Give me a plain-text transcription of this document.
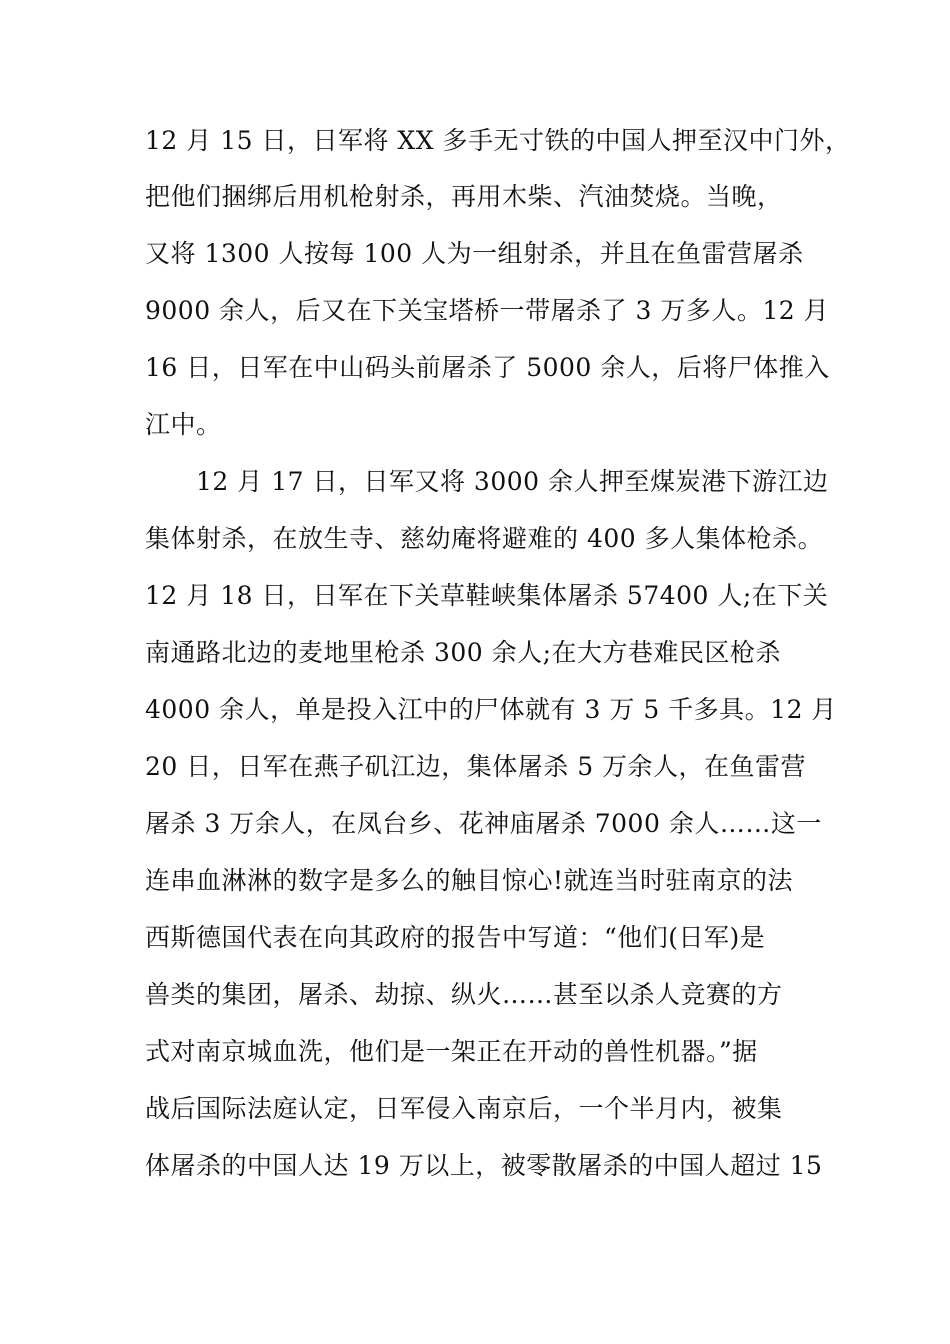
12 月 15 日，日军将 XX 多手无寸铁的中国人押至汉中门外，
把他们捆绑后用机枪射杀，再用木柴、汽油焚烧。当晚，
又将 1300 人按每 100 人为一组射杀，并且在鱼雷营屠杀
9000 余人，后又在下关宝塔桥一带屠杀了 3 万多人。12 月
16 日，日军在中山码头前屠杀了 5000 余人，后将尸体推入
江中。
12 月 17 日，日军又将 3000 余人押至煤炭港下游江边
集体射杀，在放生寺、慈幼庵将避难的 400 多人集体枪杀。
12 月 18 日，日军在下关草鞋峡集体屠杀 57400 人;在下关
南通路北边的麦地里枪杀 300 余人;在大方巷难民区枪杀
4000 余人，单是投入江中的尸体就有 3 万 5 千多具。12 月
20 日，日军在燕子矶江边，集体屠杀 5 万余人，在鱼雷营
屠杀 3 万余人，在凤台乡、花神庙屠杀 7000 余人……这一
连串血淋淋的数字是多么的触目惊心!就连当时驻南京的法
西斯德国代表在向其政府的报告中写道：“他们(日军)是
兽类的集团，屠杀、劫掠、纵火……甚至以杀人竞赛的方
式对南京城血洗，他们是一架正在开动的兽性机器。”据
战后国际法庭认定，日军侵入南京后，一个半月内，被集
体屠杀的中国人达 19 万以上，被零散屠杀的中国人超过 15
